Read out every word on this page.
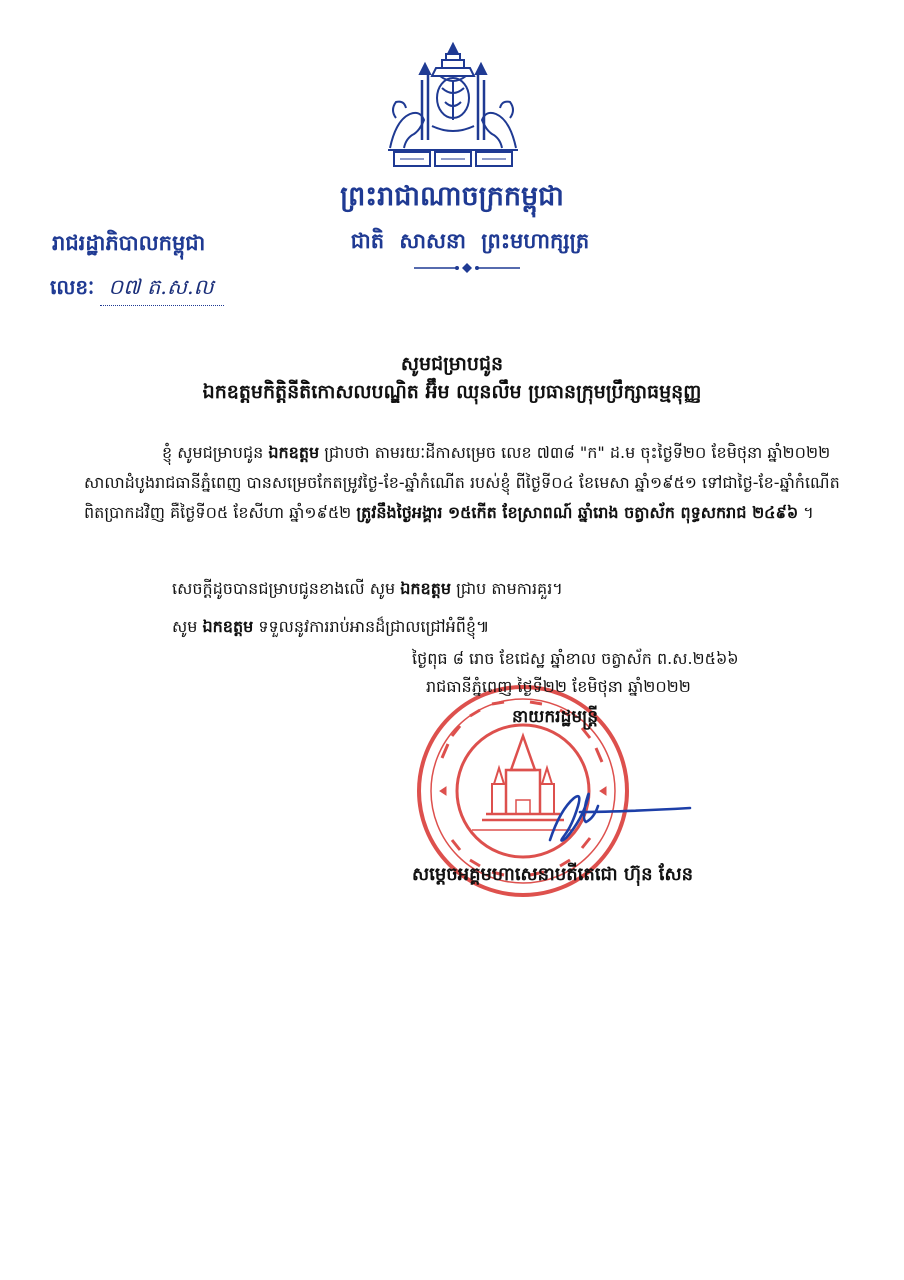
ព្រះរាជាណាចក្រកម្ពុជា
ជាតិ សាសនា ព្រះមហាក្សត្រ
រាជរដ្ឋាភិបាលកម្ពុជា
លេខៈ ០៧ ត.ស.ល
សូមជម្រាបជូន
ឯកឧត្តមកិត្តិនីតិកោសលបណ្ឌិត អ៊ឹម ឈុនលឹម ប្រធានក្រុមប្រឹក្សាធម្មនុញ្ញ
ខ្ញុំ សូមជម្រាបជូន ឯកឧត្តម ជ្រាបថា តាមរយៈដីកាសម្រេច លេខ ៧៣៨ "ក" ដ.ម ចុះថ្ងៃទី២០ ខែមិថុនា ឆ្នាំ២០២២ សាលាដំបូងរាជធានីភ្នំពេញ បានសម្រេចកែតម្រូវថ្ងៃ-ខែ-ឆ្នាំកំណើត របស់ខ្ញុំ ពីថ្ងៃទី០៤ ខែមេសា ឆ្នាំ១៩៥១ ទៅជាថ្ងៃ-ខែ-ឆ្នាំកំណើតពិតប្រាកដវិញ គឺថ្ងៃទី០៥ ខែសីហា ឆ្នាំ១៩៥២ ត្រូវនឹងថ្ងៃអង្គារ ១៥កើត ខែស្រាពណ៍ ឆ្នាំរោង ចត្វាស័ក ពុទ្ធសករាជ ២៤៩៦ ។
សេចក្តីដូចបានជម្រាបជូនខាងលើ សូម ឯកឧត្តម ជ្រាប តាមការគួរ។
សូម ឯកឧត្តម ទទួលនូវការរាប់អានដ៏ជ្រាលជ្រៅអំពីខ្ញុំ៕
ថ្ងៃពុធ ៨ រោច ខែជេស្ឋ ឆ្នាំខាល ចត្វាស័ក ព.ស.២៥៦៦
រាជធានីភ្នំពេញ ថ្ងៃទី២២ ខែមិថុនា ឆ្នាំ២០២២
នាយករដ្ឋមន្ត្រី
សម្តេចអគ្គមហាសេនាបតីតេជោ ហ៊ុន សែន
